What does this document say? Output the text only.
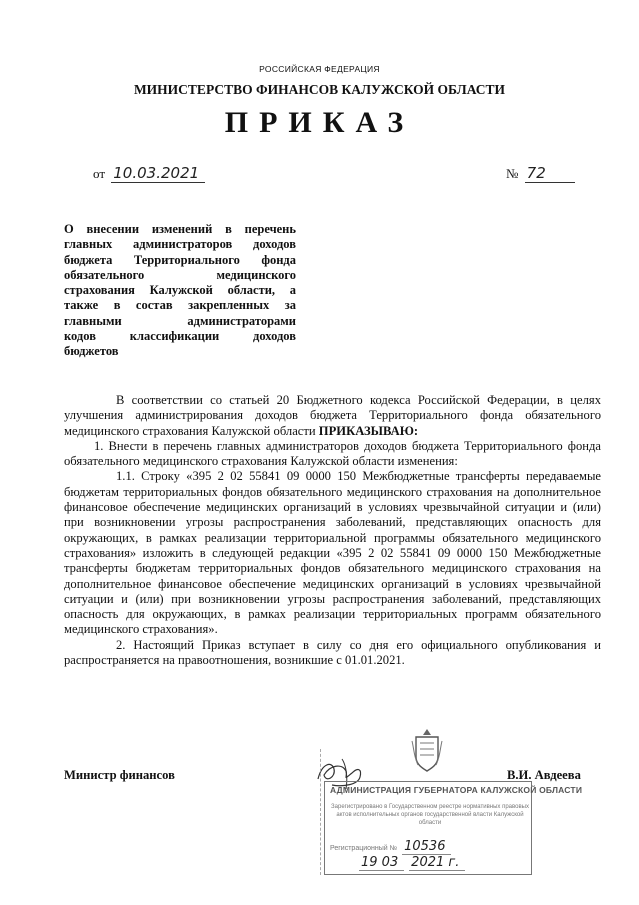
РОССИЙСКАЯ ФЕДЕРАЦИЯ
МИНИСТЕРСТВО ФИНАНСОВ КАЛУЖСКОЙ ОБЛАСТИ
ПРИКАЗ
от 10.03.2021	№ 72
О внесении изменений в перечень
главных администраторов доходов
бюджета Территориального фонда
обязательного медицинского
страхования Калужской области, а
также в состав закрепленных за
главными администраторами
кодов классификации доходов
бюджетов

В соответствии со статьей 20 Бюджетного кодекса Российской Федерации, в целях улучшения администрирования доходов бюджета Территориального фонда обязательного медицинского страхования Калужской области ПРИКАЗЫВАЮ:

1. Внести в перечень главных администраторов доходов бюджета Территориального фонда обязательного медицинского страхования Калужской области изменения:

1.1. Строку «395 2 02 55841 09 0000 150 Межбюджетные трансферты передаваемые бюджетам территориальных фондов обязательного медицинского страхования на дополнительное финансовое обеспечение медицинских организаций в условиях чрезвычайной ситуации и (или) при возникновении угрозы распространения заболеваний, представляющих опасность для окружающих, в рамках реализации территориальной программы обязательного медицинского страхования» изложить в следующей редакции «395 2 02 55841 09 0000 150 Межбюджетные трансферты бюджетам территориальных фондов обязательного медицинского страхования на дополнительное финансовое обеспечение медицинских организаций в условиях чрезвычайной ситуации и (или) при возникновении угрозы распространения заболеваний, представляющих опасность для окружающих, в рамках реализации территориальных программ обязательного медицинского страхования».

2. Настоящий Приказ вступает в силу со дня его официального опубликования и распространяется на правоотношения, возникшие с 01.01.2021.

Министр финансов
АДМИНИСТРАЦИЯ ГУБЕРНАТОРА КАЛУЖСКОЙ ОБЛАСТИ
Зарегистрировано в Государственном реестре нормативных правовых актов исполнительных органов государственной власти Калужской области
Регистрационный № 10536
19 03 2021 г.
В.И. Авдеева
